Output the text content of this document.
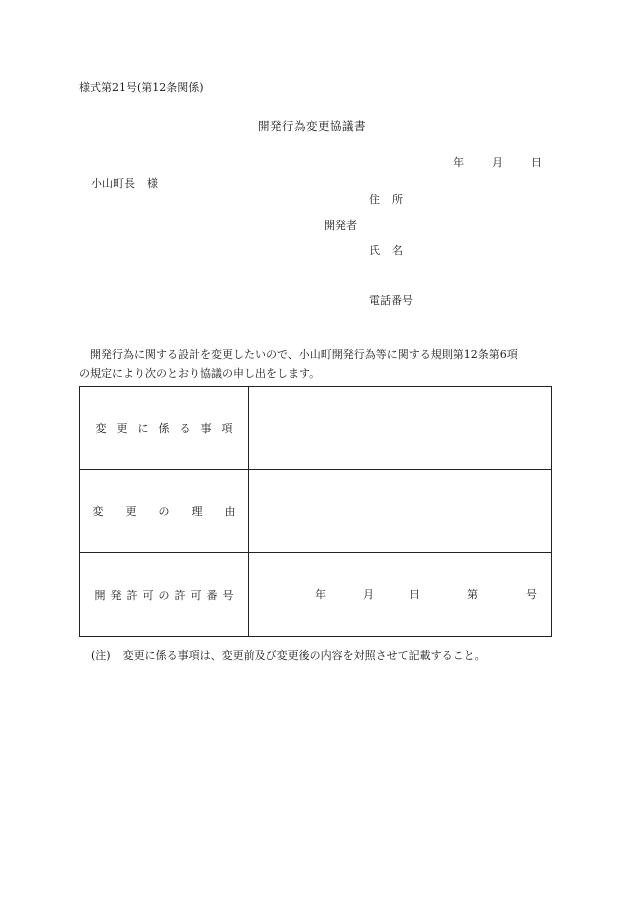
様式第21号(第12条関係)
開発行為変更協議書
年	月	日
小山町長 様
住 所
開発者
氏 名
電話番号
開発行為に関する設計を変更したいので、小山町開発行為等に関する規則第12条第6項
の規定により次のとおり協議の申し出をします。
変更に係る事項
変更の理由
開発許可の許可番号	年	月	日	第	号
(注) 変更に係る事項は、変更前及び変更後の内容を対照させて記載すること。
